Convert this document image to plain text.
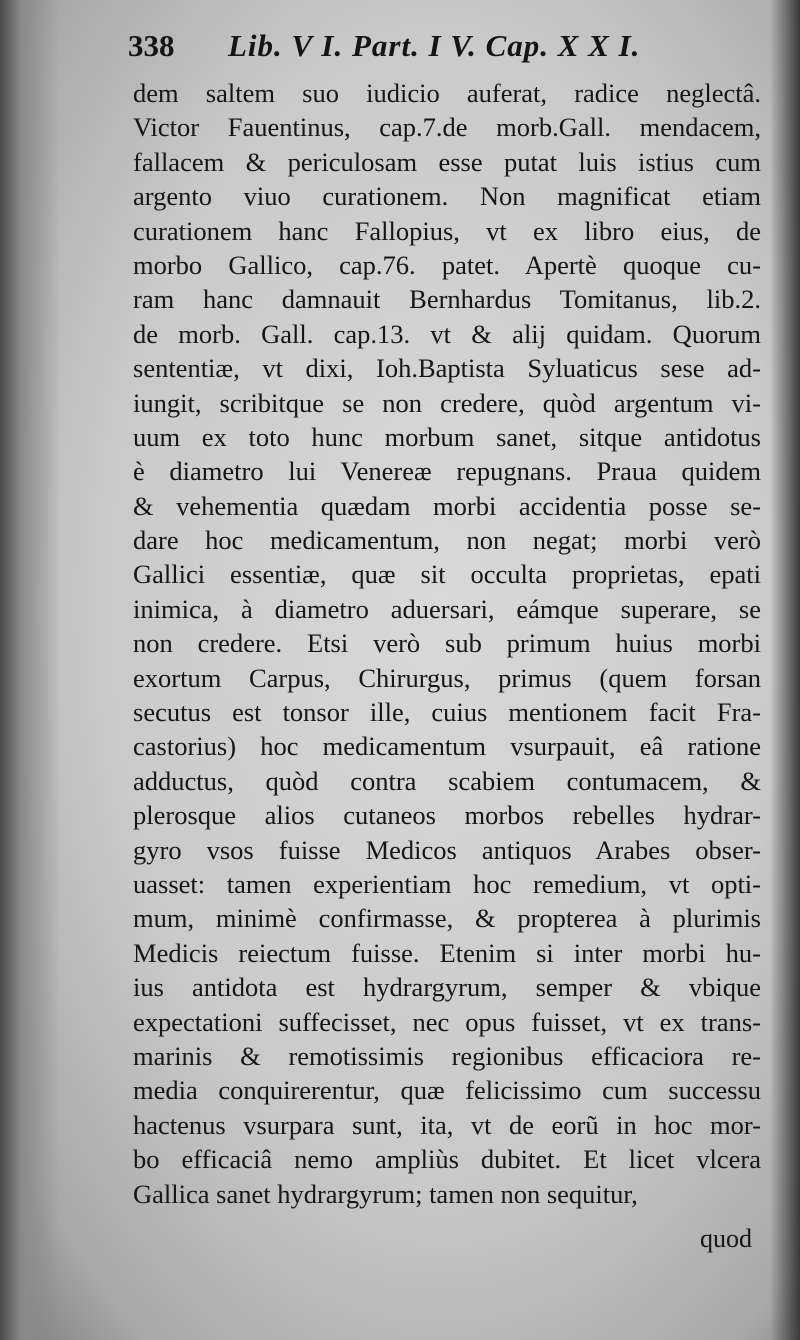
338 Lib. V I. Part. I V. Cap. X X I.
dem saltem suo iudicio auferat, radice neglectâ.
Victor Fauentinus, cap.7.de morb.Gall. mendacem,
fallacem & periculosam esse putat luis istius cum
argento viuo curationem. Non magnificat etiam
curationem hanc Fallopius, vt ex libro eius, de
morbo Gallico, cap.76. patet. Apertè quoque cu-
ram hanc damnauit Bernhardus Tomitanus, lib.2.
de morb. Gall. cap.13. vt & alij quidam. Quorum
sententiæ, vt dixi, Ioh.Baptista Syluaticus sese ad-
iungit, scribitque se non credere, quòd argentum vi-
uum ex toto hunc morbum sanet, sitque antidotus
è diametro lui Venereæ repugnans. Praua quidem
& vehementia quædam morbi accidentia posse se-
dare hoc medicamentum, non negat; morbi verò
Gallici essentiæ, quæ sit occulta proprietas, epati
inimica, à diametro aduersari, eámque superare, se
non credere. Etsi verò sub primum huius morbi
exortum Carpus, Chirurgus, primus (quem forsan
secutus est tonsor ille, cuius mentionem facit Fra-
castorius) hoc medicamentum vsurpauit, eâ ratione
adductus, quòd contra scabiem contumacem, &
plerosque alios cutaneos morbos rebelles hydrar-
gyro vsos fuisse Medicos antiquos Arabes obser-
uasset: tamen experientiam hoc remedium, vt opti-
mum, minimè confirmasse, & propterea à plurimis
Medicis reiectum fuisse. Etenim si inter morbi hu-
ius antidota est hydrargyrum, semper & vbique
expectationi suffecisset, nec opus fuisset, vt ex trans-
marinis & remotissimis regionibus efficaciora re-
media conquirerentur, quæ felicissimo cum successu
hactenus vsurpara sunt, ita, vt de eorũ in hoc mor-
bo efficaciâ nemo ampliùs dubitet. Et licet vlcera
Gallica sanet hydrargyrum; tamen non sequitur,
quod
